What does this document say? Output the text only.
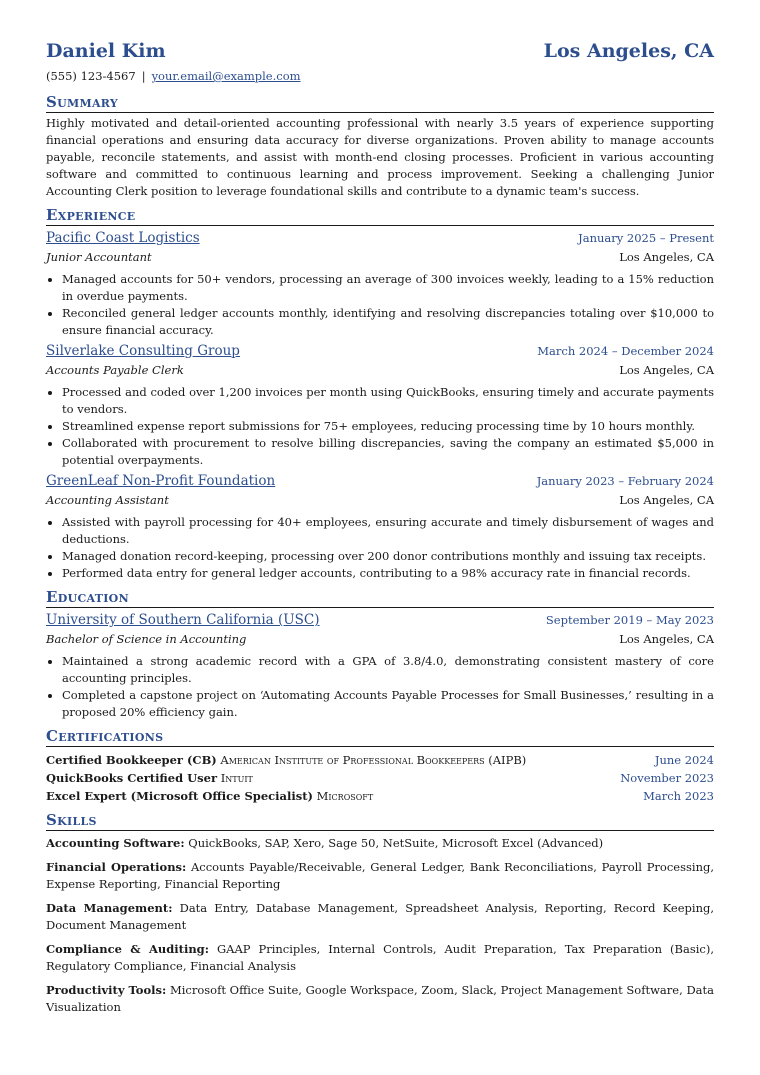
Daniel Kim	Los Angeles, CA
(555) 123-4567 | your.email@example.com
Summary
Highly motivated and detail-oriented accounting professional with nearly 3.5 years of experience supporting financial operations and ensuring data accuracy for diverse organizations. Proven ability to manage accounts payable, reconcile statements, and assist with month-end closing processes. Proficient in various accounting software and committed to continuous learning and process improvement. Seeking a challenging Junior Accounting Clerk position to leverage foundational skills and contribute to a dynamic team's success.
Experience
Pacific Coast Logistics	January 2025 – Present
Junior Accountant	Los Angeles, CA
• Managed accounts for 50+ vendors, processing an average of 300 invoices weekly, leading to a 15% reduction in overdue payments.
• Reconciled general ledger accounts monthly, identifying and resolving discrepancies totaling over $10,000 to ensure financial accuracy.
Silverlake Consulting Group	March 2024 – December 2024
Accounts Payable Clerk	Los Angeles, CA
• Processed and coded over 1,200 invoices per month using QuickBooks, ensuring timely and accurate payments to vendors.
• Streamlined expense report submissions for 75+ employees, reducing processing time by 10 hours monthly.
• Collaborated with procurement to resolve billing discrepancies, saving the company an estimated $5,000 in potential overpayments.
GreenLeaf Non-Profit Foundation	January 2023 – February 2024
Accounting Assistant	Los Angeles, CA
• Assisted with payroll processing for 40+ employees, ensuring accurate and timely disbursement of wages and deductions.
• Managed donation record-keeping, processing over 200 donor contributions monthly and issuing tax receipts.
• Performed data entry for general ledger accounts, contributing to a 98% accuracy rate in financial records.
Education
University of Southern California (USC)	September 2019 – May 2023
Bachelor of Science in Accounting	Los Angeles, CA
• Maintained a strong academic record with a GPA of 3.8/4.0, demonstrating consistent mastery of core accounting principles.
• Completed a capstone project on ‘Automating Accounts Payable Processes for Small Businesses,’ resulting in a proposed 20% efficiency gain.
Certifications
Certified Bookkeeper (CB) American Institute of Professional Bookkeepers (AIPB)	June 2024
QuickBooks Certified User Intuit	November 2023
Excel Expert (Microsoft Office Specialist) Microsoft	March 2023
Skills
Accounting Software: QuickBooks, SAP, Xero, Sage 50, NetSuite, Microsoft Excel (Advanced)
Financial Operations: Accounts Payable/Receivable, General Ledger, Bank Reconciliations, Payroll Processing, Expense Reporting, Financial Reporting
Data Management: Data Entry, Database Management, Spreadsheet Analysis, Reporting, Record Keeping, Document Management
Compliance & Auditing: GAAP Principles, Internal Controls, Audit Preparation, Tax Preparation (Basic), Regulatory Compliance, Financial Analysis
Productivity Tools: Microsoft Office Suite, Google Workspace, Zoom, Slack, Project Management Software, Data Visualization
